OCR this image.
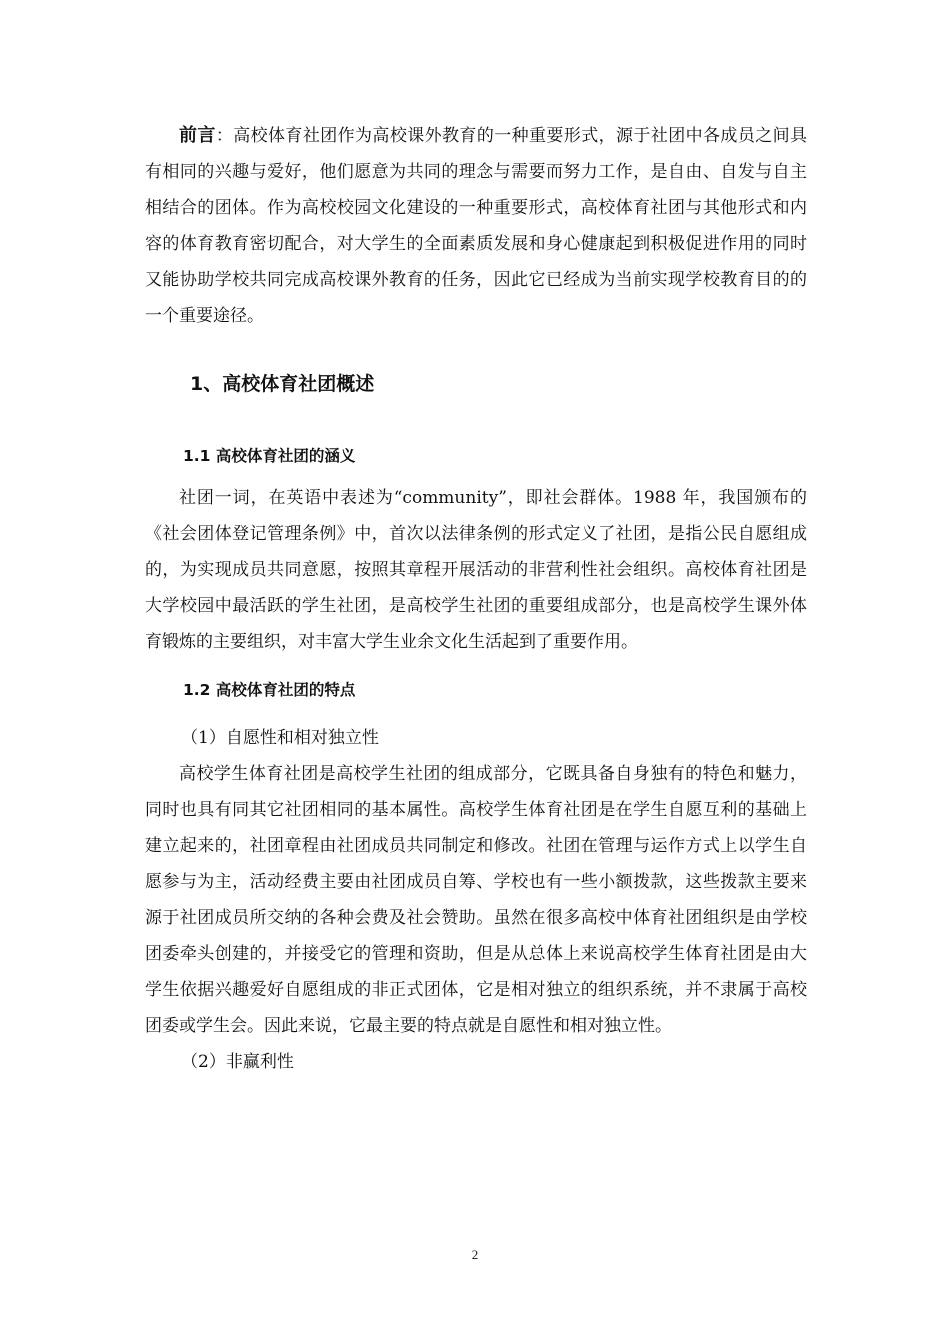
前言：高校体育社团作为高校课外教育的一种重要形式，源于社团中各成员之间具有相同的兴趣与爱好，他们愿意为共同的理念与需要而努力工作，是自由、自发与自主相结合的团体。作为高校校园文化建设的一种重要形式，高校体育社团与其他形式和内容的体育教育密切配合，对大学生的全面素质发展和身心健康起到积极促进作用的同时又能协助学校共同完成高校课外教育的任务，因此它已经成为当前实现学校教育目的的一个重要途径。

1、高校体育社团概述
1.1 高校体育社团的涵义

社团一词，在英语中表述为“community”，即社会群体。1988 年，我国颁布的《社会团体登记管理条例》中，首次以法律条例的形式定义了社团，是指公民自愿组成的，为实现成员共同意愿，按照其章程开展活动的非营利性社会组织。高校体育社团是大学校园中最活跃的学生社团，是高校学生社团的重要组成部分，也是高校学生课外体育锻炼的主要组织，对丰富大学生业余文化生活起到了重要作用。

1.2 高校体育社团的特点

（1）自愿性和相对独立性

高校学生体育社团是高校学生社团的组成部分，它既具备自身独有的特色和魅力，同时也具有同其它社团相同的基本属性。高校学生体育社团是在学生自愿互利的基础上建立起来的，社团章程由社团成员共同制定和修改。社团在管理与运作方式上以学生自愿参与为主，活动经费主要由社团成员自筹、学校也有一些小额拨款，这些拨款主要来源于社团成员所交纳的各种会费及社会赞助。虽然在很多高校中体育社团组织是由学校团委牵头创建的，并接受它的管理和资助，但是从总体上来说高校学生体育社团是由大学生依据兴趣爱好自愿组成的非正式团体，它是相对独立的组织系统，并不隶属于高校团委或学生会。因此来说，它最主要的特点就是自愿性和相对独立性。

（2）非赢利性

2
